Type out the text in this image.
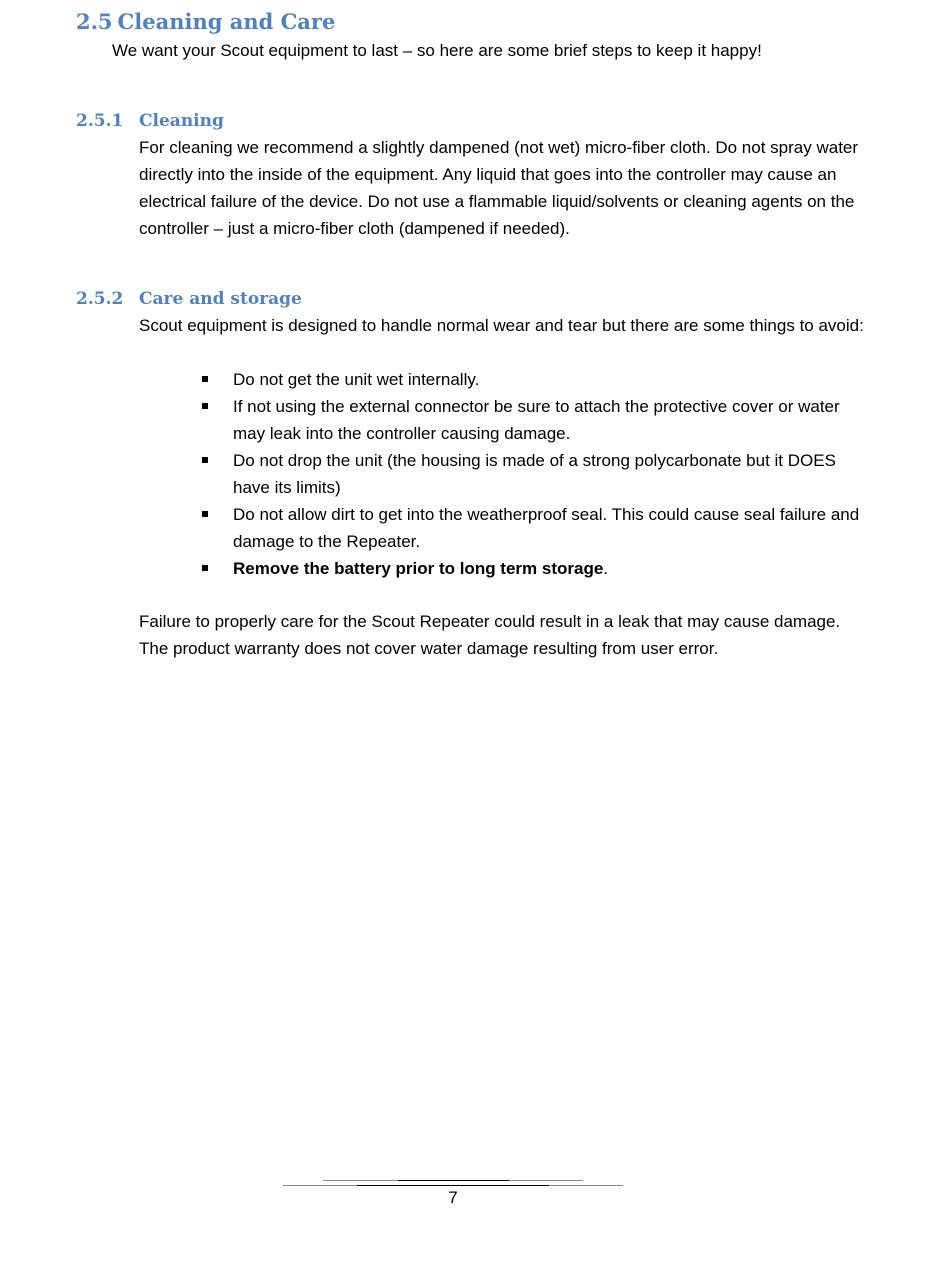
2.5 Cleaning and Care

We want your Scout equipment to last – so here are some brief steps to keep it happy!

2.5.1 Cleaning

For cleaning we recommend a slightly dampened (not wet) micro-fiber cloth. Do not spray water directly into the inside of the equipment. Any liquid that goes into the controller may cause an electrical failure of the device. Do not use a flammable liquid/solvents or cleaning agents on the controller – just a micro-fiber cloth (dampened if needed).

2.5.2 Care and storage

Scout equipment is designed to handle normal wear and tear but there are some things to avoid:

Do not get the unit wet internally.
If not using the external connector be sure to attach the protective cover or water may leak into the controller causing damage.
Do not drop the unit (the housing is made of a strong polycarbonate but it DOES have its limits)
Do not allow dirt to get into the weatherproof seal. This could cause seal failure and damage to the Repeater.
Remove the battery prior to long term storage.

Failure to properly care for the Scout Repeater could result in a leak that may cause damage. The product warranty does not cover water damage resulting from user error.

7
